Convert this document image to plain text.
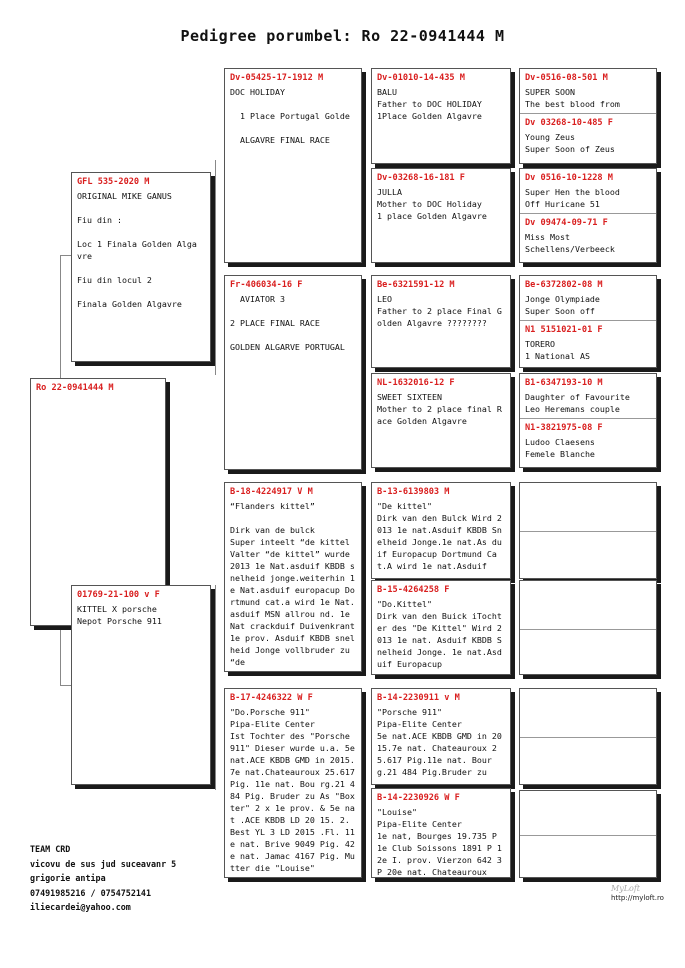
Pedigree porumbel: Ro 22-0941444 M
Ro 22-0941444 M
GFL 535-2020 M
ORIGINAL MIKE GANUS

Fiu din :

Loc 1 Finala Golden Alga vre

Fiu din locul 2

Finala Golden Algavre
01769-21-100 v F
KITTEL X porsche
Nepot Porsche 911
Dv-05425-17-1912 M
DOC HOLIDAY

1 Place Portugal Golde

ALGAVRE FINAL RACE
Fr-406034-16 F
AVIATOR 3

2 PLACE FINAL RACE

GOLDEN ALGARVE PORTUGAL
B-18-4224917 V M
“Flanders kittel”

Dirk van de bulck
Super inteelt “de kittel Valter “de kittel” wurde 2013 1e Nat.asduif KBDB snelheid jonge.weiterhin 1e Nat.asduif europacup Dortmund cat.a wird 1e Nat.asduif MSN allrou nd. 1e Nat crackduif Duivenkrant 1e prov. Asduif KBDB snelheid Jonge vollbruder zu “de
B-17-4246322 W F
"Do.Porsche 911"
Pipa-Elite Center
Ist Tochter des "Porsche 911" Dieser wurde u.a. 5e nat.ACE KBDB GMD in 2015.7e nat.Chateauroux 25.617 Pig. 11e nat. Bou rg.21 484 Pig. Bruder zu As "Boxter" 2 x 1e prov. & 5e nat .ACE KBDB LD 20 15. 2. Best YL 3 LD 2015 .Fl. 11e nat. Brive 9049 Pig. 42e nat. Jamac 4167 Pig. Mutter die "Louise"
Dv-01010-14-435 M
BALU
Father to DOC HOLIDAY
1Place Golden Algavre
Dv-03268-16-181 F
JULLA
Mother to DOC Holiday
1 place Golden Algavre
Be-6321591-12 M
LEO
Father to 2 place Final Golden Algavre ????????
NL-1632016-12 F
SWEET SIXTEEN
Mother to 2 place final Race Golden Algavre
B-13-6139803 M
"De kittel"
Dirk van den Bulck Wird 2013 1e nat.Asduif KBDB Snelheid Jonge.1e nat.As duif Europacup Dortmund Cat.A wird 1e nat.Asduif
B-15-4264258 F
"Do.Kittel"
Dirk van den Buick iTochter des "De Kittel" Wird 2013 1e nat. Asduif KBDB Snelheid Jonge. 1e nat.Asduif Europacup
B-14-2230911 v M
"Porsche 911"
Pipa-Elite Center
5e nat.ACE KBDB GMD in 2015.7e nat. Chateauroux 25.617 Pig.11e nat. Bour g.21 484 Pig.Bruder zu
B-14-2230926 W F
"Louise"
Pipa-Elite Center
1e nat, Bourges 19.735 P 1e Club Soissons 1891 P 12e I. prov. Vierzon 642 3 P 20e nat. Chateauroux
Dv-0516-08-501 M
SUPER SOON
The best blood from
Dv 03268-10-485 F
Young Zeus
Super Soon of Zeus
Dv 0516-10-1228 M
Super Hen the blood
Off Huricane 51
Dv 09474-09-71 F
Miss Most
Schellens/Verbeeck
Be-6372802-08 M
Jonge Olympiade
Super Soon off
N1 5151021-01 F
TORERO
1 National AS
B1-6347193-10 M
Daughter of Favourite
Leo Heremans couple
N1-3821975-08 F
Ludoo Claesens
Femele Blanche
TEAM CRD
vicovu de sus jud suceavanr 5
grigorie antipa
07491985216 / 0754752141
iliecardei@yahoo.com
MyLoft
http://myloft.ro
